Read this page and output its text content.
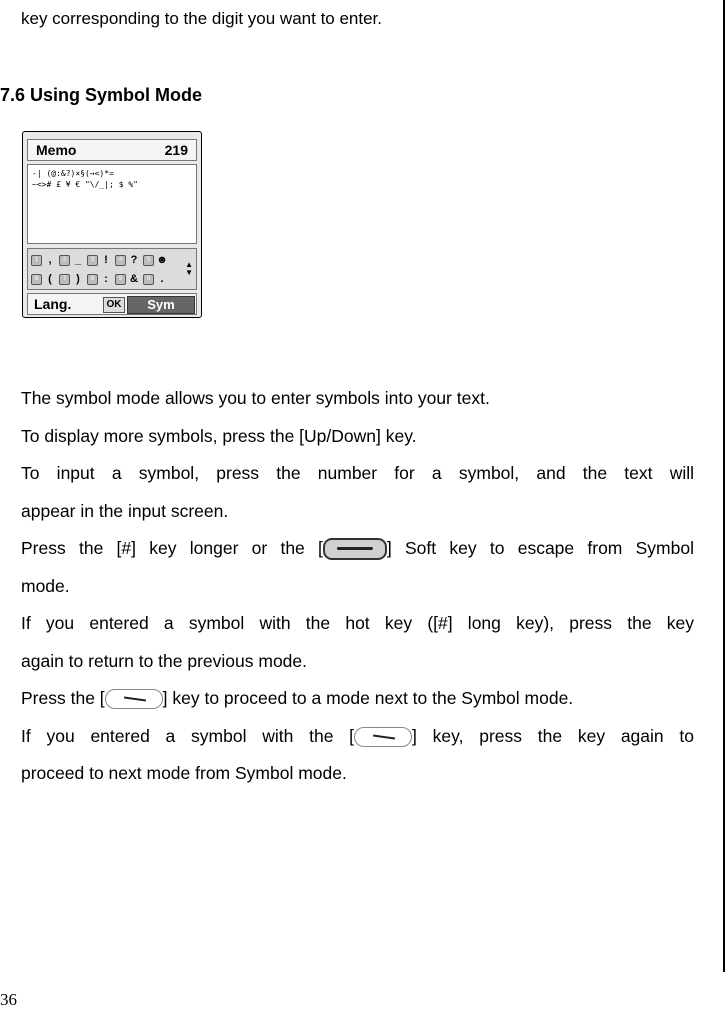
key corresponding to the digit you want to enter.
7.6 Using Symbol Mode
Memo	219
-| (@:&?)×§(→<)*=
~<># £ ¥ € "\/_|; $ %"
1 ,	2 _	3 !	4 ?	5 ☻
6 (	7 )	8 :	9 &	0 .
▲
▼
Lang.	OK	Sym

The symbol mode allows you to enter symbols into your text.

To display more symbols, press the [Up/Down] key.

To input a symbol, press the number for a symbol, and the text will

appear in the input screen.

Press the [#] key longer or the [	] Soft key to escape from Symbol

mode.

If you entered a symbol with the hot key ([#] long key), press the key

again to return to the previous mode.

Press the [	] key to proceed to a mode next to the Symbol mode.

If you entered a symbol with the [	] key, press the key again to

proceed to next mode from Symbol mode.

36
